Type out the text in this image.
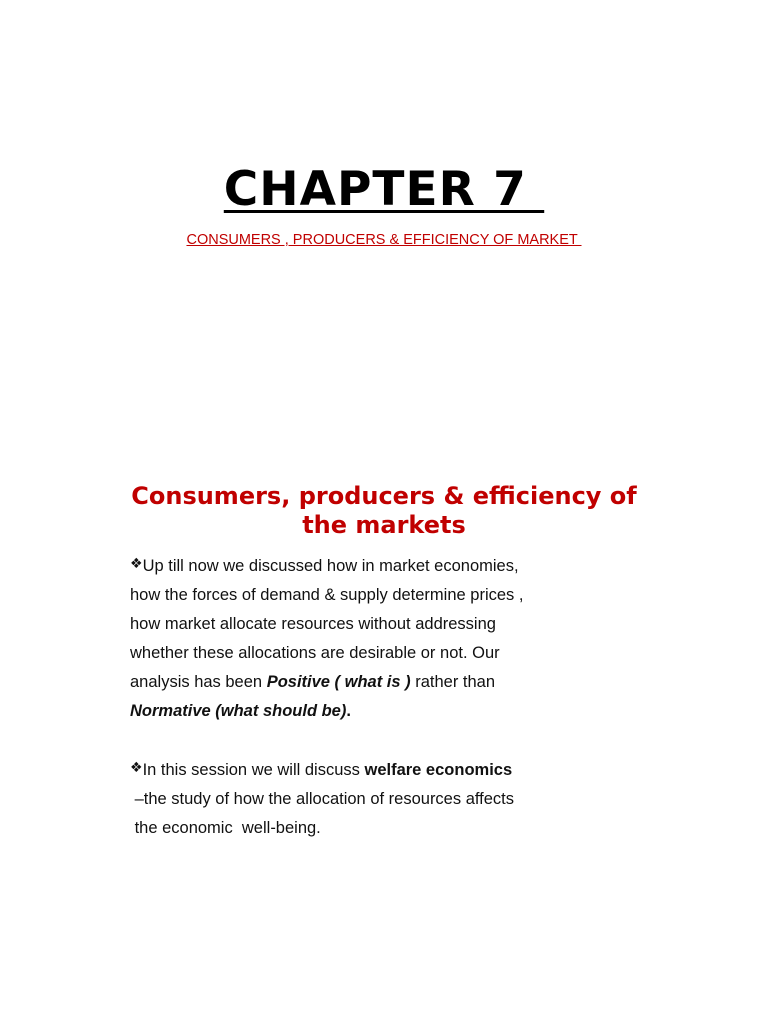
CHAPTER 7
CONSUMERS , PRODUCERS & EFFICIENCY OF MARKET
Consumers, producers & efficiency of the markets
❖Up till now we discussed how in market economies,
how the forces of demand & supply determine prices ,
how market allocate resources without addressing
whether these allocations are desirable or not. Our
analysis has been Positive ( what is ) rather than
Normative (what should be).
❖In this session we will discuss welfare economics
–the study of how the allocation of resources affects
the economic  well-being.
